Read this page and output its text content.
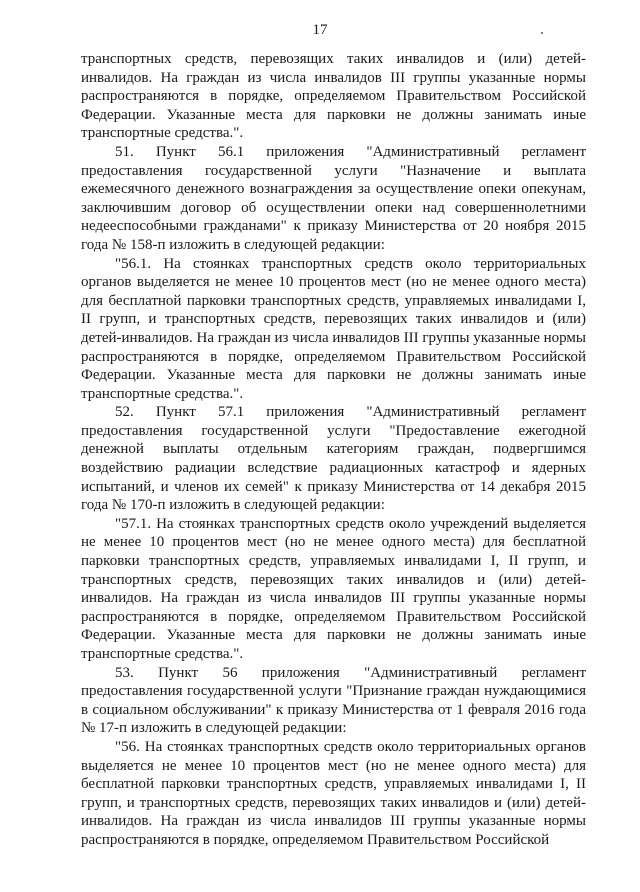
17

транспортных средств, перевозящих таких инвалидов и (или) детей-инвалидов. На граждан из числа инвалидов III группы указанные нормы распространяются в порядке, определяемом Правительством Российской Федерации. Указанные места для парковки не должны занимать иные транспортные средства.".

51. Пункт 56.1 приложения "Административный регламент предоставления государственной услуги "Назначение и выплата ежемесячного денежного вознаграждения за осуществление опеки опекунам, заключившим договор об осуществлении опеки над совершеннолетними недееспособными гражданами" к приказу Министерства от 20 ноября 2015 года № 158-п изложить в следующей редакции:

"56.1. На стоянках транспортных средств около территориальных органов выделяется не менее 10 процентов мест (но не менее одного места) для бесплатной парковки транспортных средств, управляемых инвалидами I, II групп, и транспортных средств, перевозящих таких инвалидов и (или) детей-инвалидов. На граждан из числа инвалидов III группы указанные нормы распространяются в порядке, определяемом Правительством Российской Федерации. Указанные места для парковки не должны занимать иные транспортные средства.".

52. Пункт 57.1 приложения "Административный регламент предоставления государственной услуги "Предоставление ежегодной денежной выплаты отдельным категориям граждан, подвергшимся воздействию радиации вследствие радиационных катастроф и ядерных испытаний, и членов их семей" к приказу Министерства от 14 декабря 2015 года № 170-п изложить в следующей редакции:

"57.1. На стоянках транспортных средств около учреждений выделяется не менее 10 процентов мест (но не менее одного места) для бесплатной парковки транспортных средств, управляемых инвалидами I, II групп, и транспортных средств, перевозящих таких инвалидов и (или) детей-инвалидов. На граждан из числа инвалидов III группы указанные нормы распространяются в порядке, определяемом Правительством Российской Федерации. Указанные места для парковки не должны занимать иные транспортные средства.".

53. Пункт 56 приложения "Административный регламент предоставления государственной услуги "Признание граждан нуждающимися в социальном обслуживании" к приказу Министерства от 1 февраля 2016 года № 17-п изложить в следующей редакции:

"56. На стоянках транспортных средств около территориальных органов выделяется не менее 10 процентов мест (но не менее одного места) для бесплатной парковки транспортных средств, управляемых инвалидами I, II групп, и транспортных средств, перевозящих таких инвалидов и (или) детей-инвалидов. На граждан из числа инвалидов III группы указанные нормы распространяются в порядке, определяемом Правительством Российской
